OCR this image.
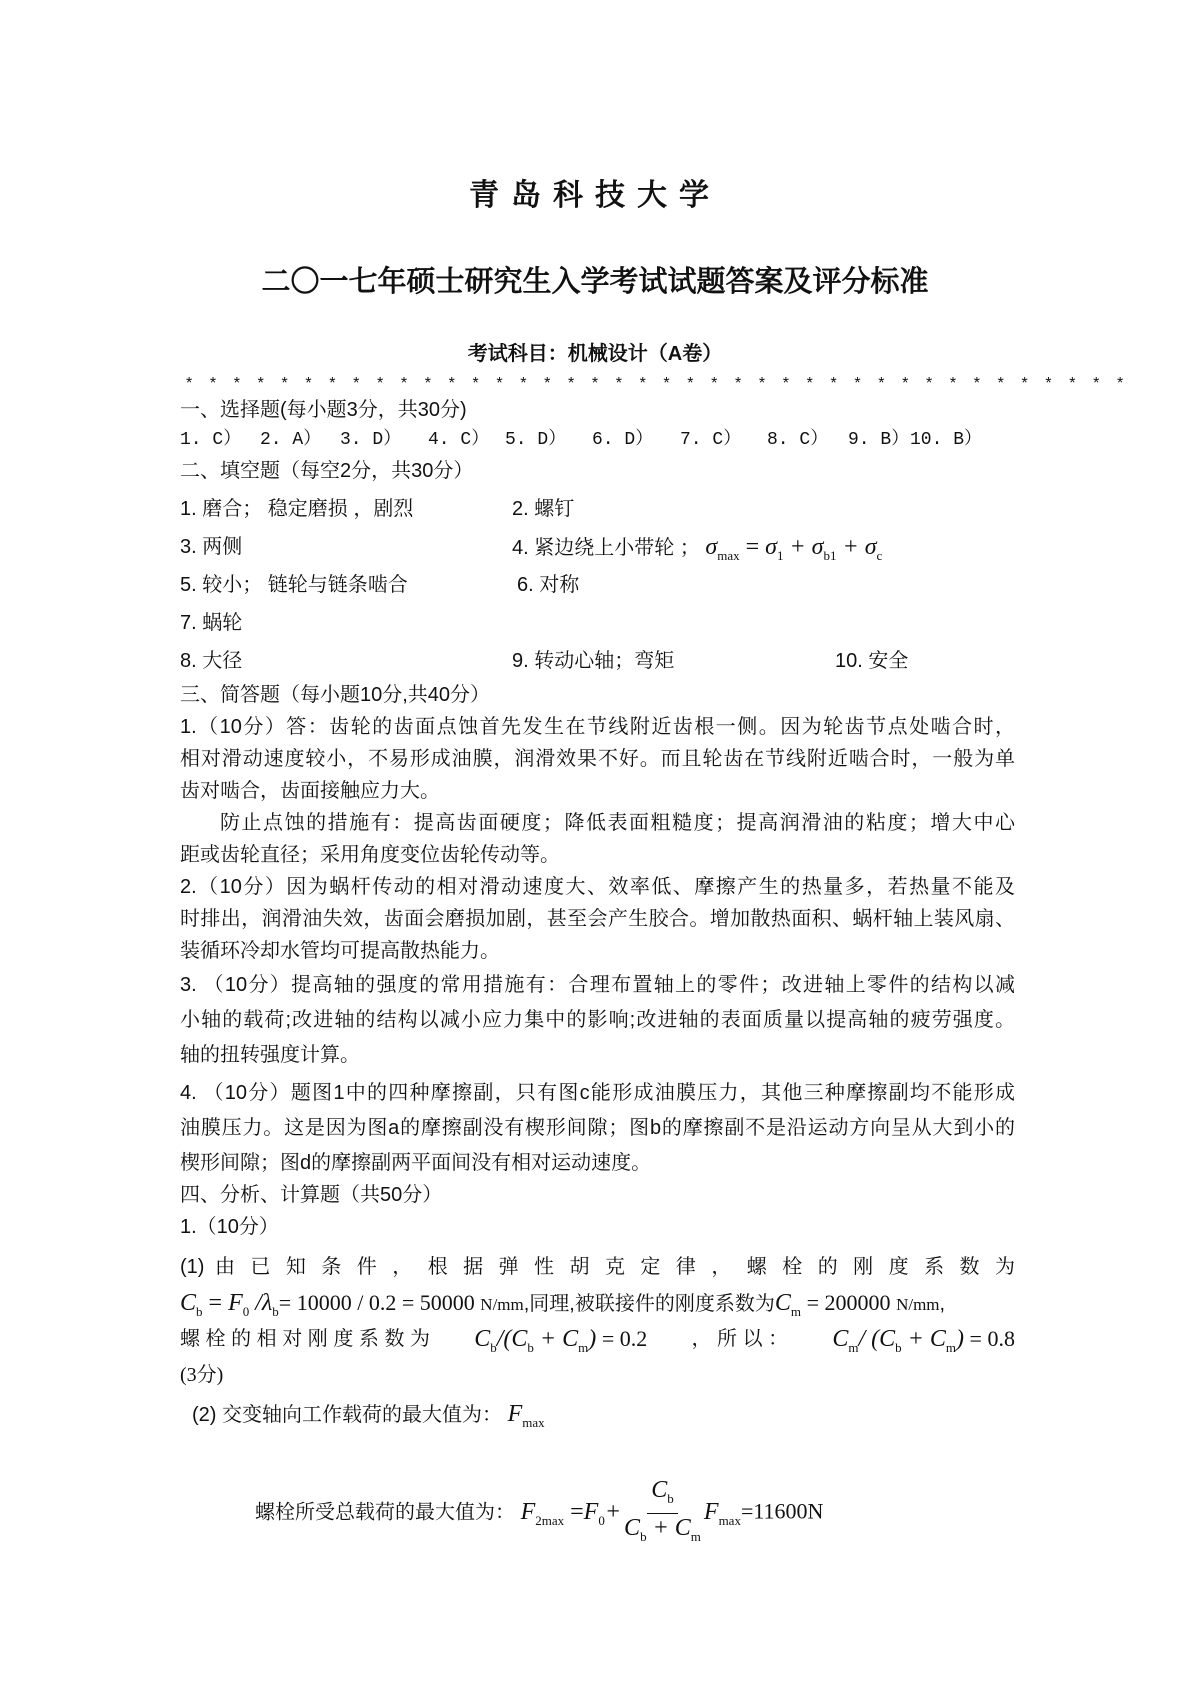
青岛科技大学
二〇一七年硕士研究生入学考试试题答案及评分标准
考试科目：机械设计（A卷）
* * * * * * * * * * * * * * * * * * * * * * * * * * * * * * * * * * * * * * * *
一、选择题(每小题3分，共30分)
1. C） 2. A） 3. D） 4. C） 5. D） 6. D） 7. C） 8. C） 9. B） 10. B）
二、填空题（每空2分，共30分）
1. 磨合； 稳定磨损 ，剧烈	2. 螺钉
3. 两侧	4. 紧边绕上小带轮 ； $\sigma_{max} = \sigma_1 + \sigma_{b1} + \sigma_c$
5. 较小； 链轮与链条啮合	6. 对称
7. 蜗轮
8. 大径	9. 转动心轴；弯矩	10. 安全
三、简答题（每小题10分,共40分）
1.（10分）答：齿轮的齿面点蚀首先发生在节线附近齿根一侧。因为轮齿节点处啮合时，
相对滑动速度较小，不易形成油膜，润滑效果不好。而且轮齿在节线附近啮合时，一般为单
齿对啮合，齿面接触应力大。
防止点蚀的措施有：提高齿面硬度；降低表面粗糙度；提高润滑油的粘度；增大中心
距或齿轮直径；采用角度变位齿轮传动等。
2.（10分）因为蜗杆传动的相对滑动速度大、效率低、摩擦产生的热量多，若热量不能及
时排出，润滑油失效，齿面会磨损加剧，甚至会产生胶合。增加散热面积、蜗杆轴上装风扇、
装循环冷却水管均可提高散热能力。
3. （10分）提高轴的强度的常用措施有：合理布置轴上的零件；改进轴上零件的结构以减
小轴的载荷;改进轴的结构以减小应力集中的影响;改进轴的表面质量以提高轴的疲劳强度。
轴的扭转强度计算。
4. （10分）题图1中的四种摩擦副，只有图c能形成油膜压力，其他三种摩擦副均不能形成
油膜压力。这是因为图a的摩擦副没有楔形间隙；图b的摩擦副不是沿运动方向呈从大到小的
楔形间隙；图d的摩擦副两平面间没有相对运动速度。
四、分析、计算题（共50分）
1.（10分）
(1) 由 已 知 条 件 ， 根 据 弹 性 胡 克 定 律 ， 螺 栓 的 刚 度 系 数 为
$C_b = F_0$ $/\lambda_b= 10000 / 0.2 = 50000$ N/mm,同理,被联接件的刚度系数为$C_m = 200000$ N/mm,
螺 栓 的 相 对 刚 度 系 数 为 $C_b/(C_b + C_m) = 0.2$ ， 所 以 ： $C_m/$ $(C_b + C_m) = 0.8$
(3分)
(2) 交变轴向工作载荷的最大值为： $F_{max}$
螺栓所受总载荷的最大值为： $F_{2max} =F_0+ \frac{C_b}{C_b + C_m} F_{max}=11600N$
